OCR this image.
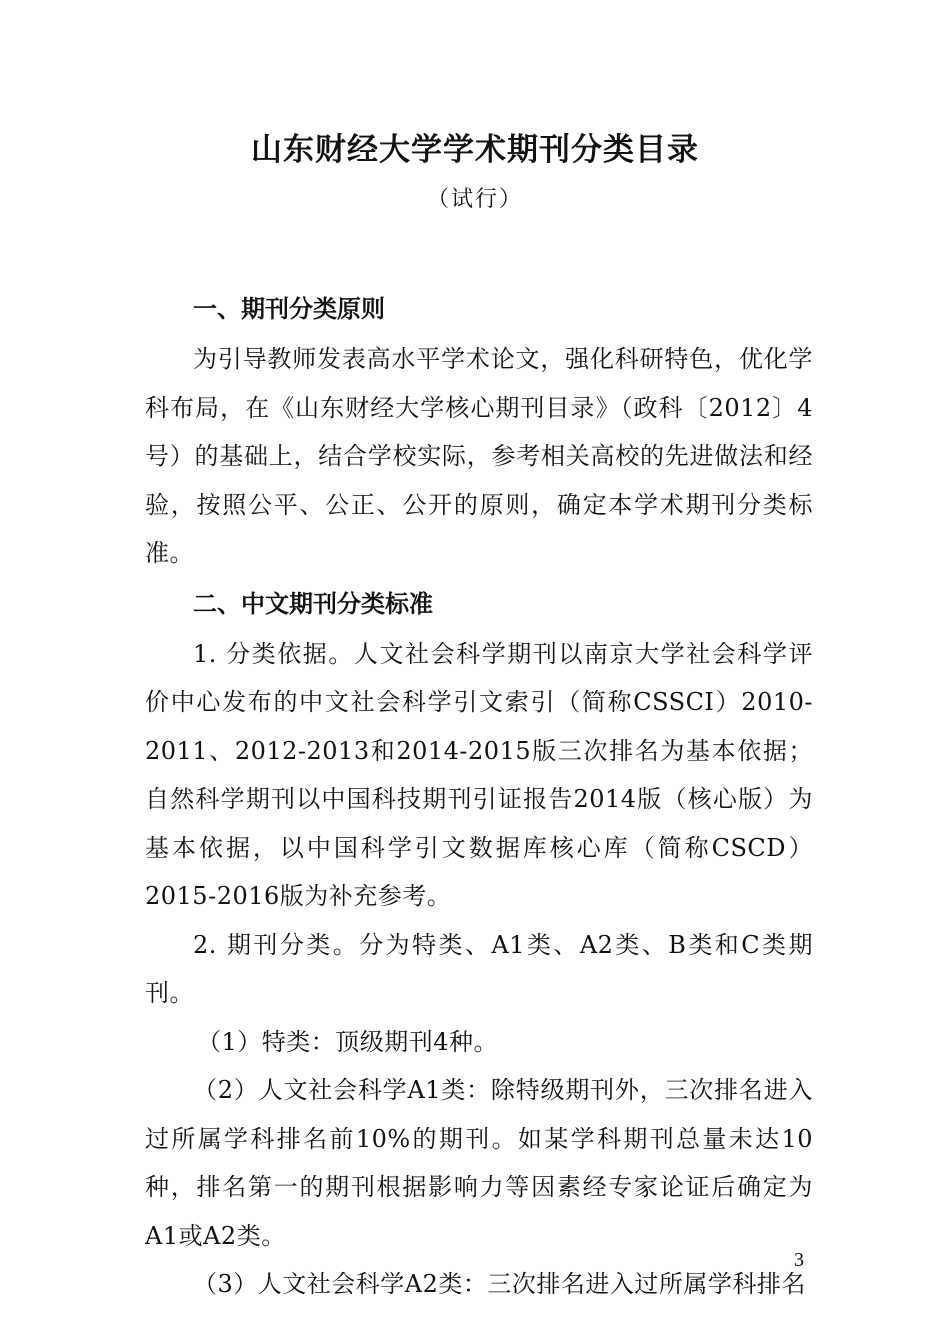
山东财经大学学术期刊分类目录
（试行）
一、期刊分类原则

为引导教师发表高水平学术论文，强化科研特色，优化学科布局，在《山东财经大学核心期刊目录》（政科〔2012〕4号）的基础上，结合学校实际，参考相关高校的先进做法和经验，按照公平、公正、公开的原则，确定本学术期刊分类标准。

二、中文期刊分类标准

1. 分类依据。人文社会科学期刊以南京大学社会科学评价中心发布的中文社会科学引文索引（简称CSSCI）2010-2011、2012-2013和2014-2015版三次排名为基本依据；自然科学期刊以中国科技期刊引证报告2014版（核心版）为基本依据，以中国科学引文数据库核心库（简称CSCD）2015-2016版为补充参考。

2. 期刊分类。分为特类、A1类、A2类、B类和C类期刊。

（1）特类：顶级期刊4种。

（2）人文社会科学A1类：除特级期刊外，三次排名进入过所属学科排名前10%的期刊。如某学科期刊总量未达10种，排名第一的期刊根据影响力等因素经专家论证后确定为A1或A2类。

（3）人文社会科学A2类：三次排名进入过所属学科排名

3
